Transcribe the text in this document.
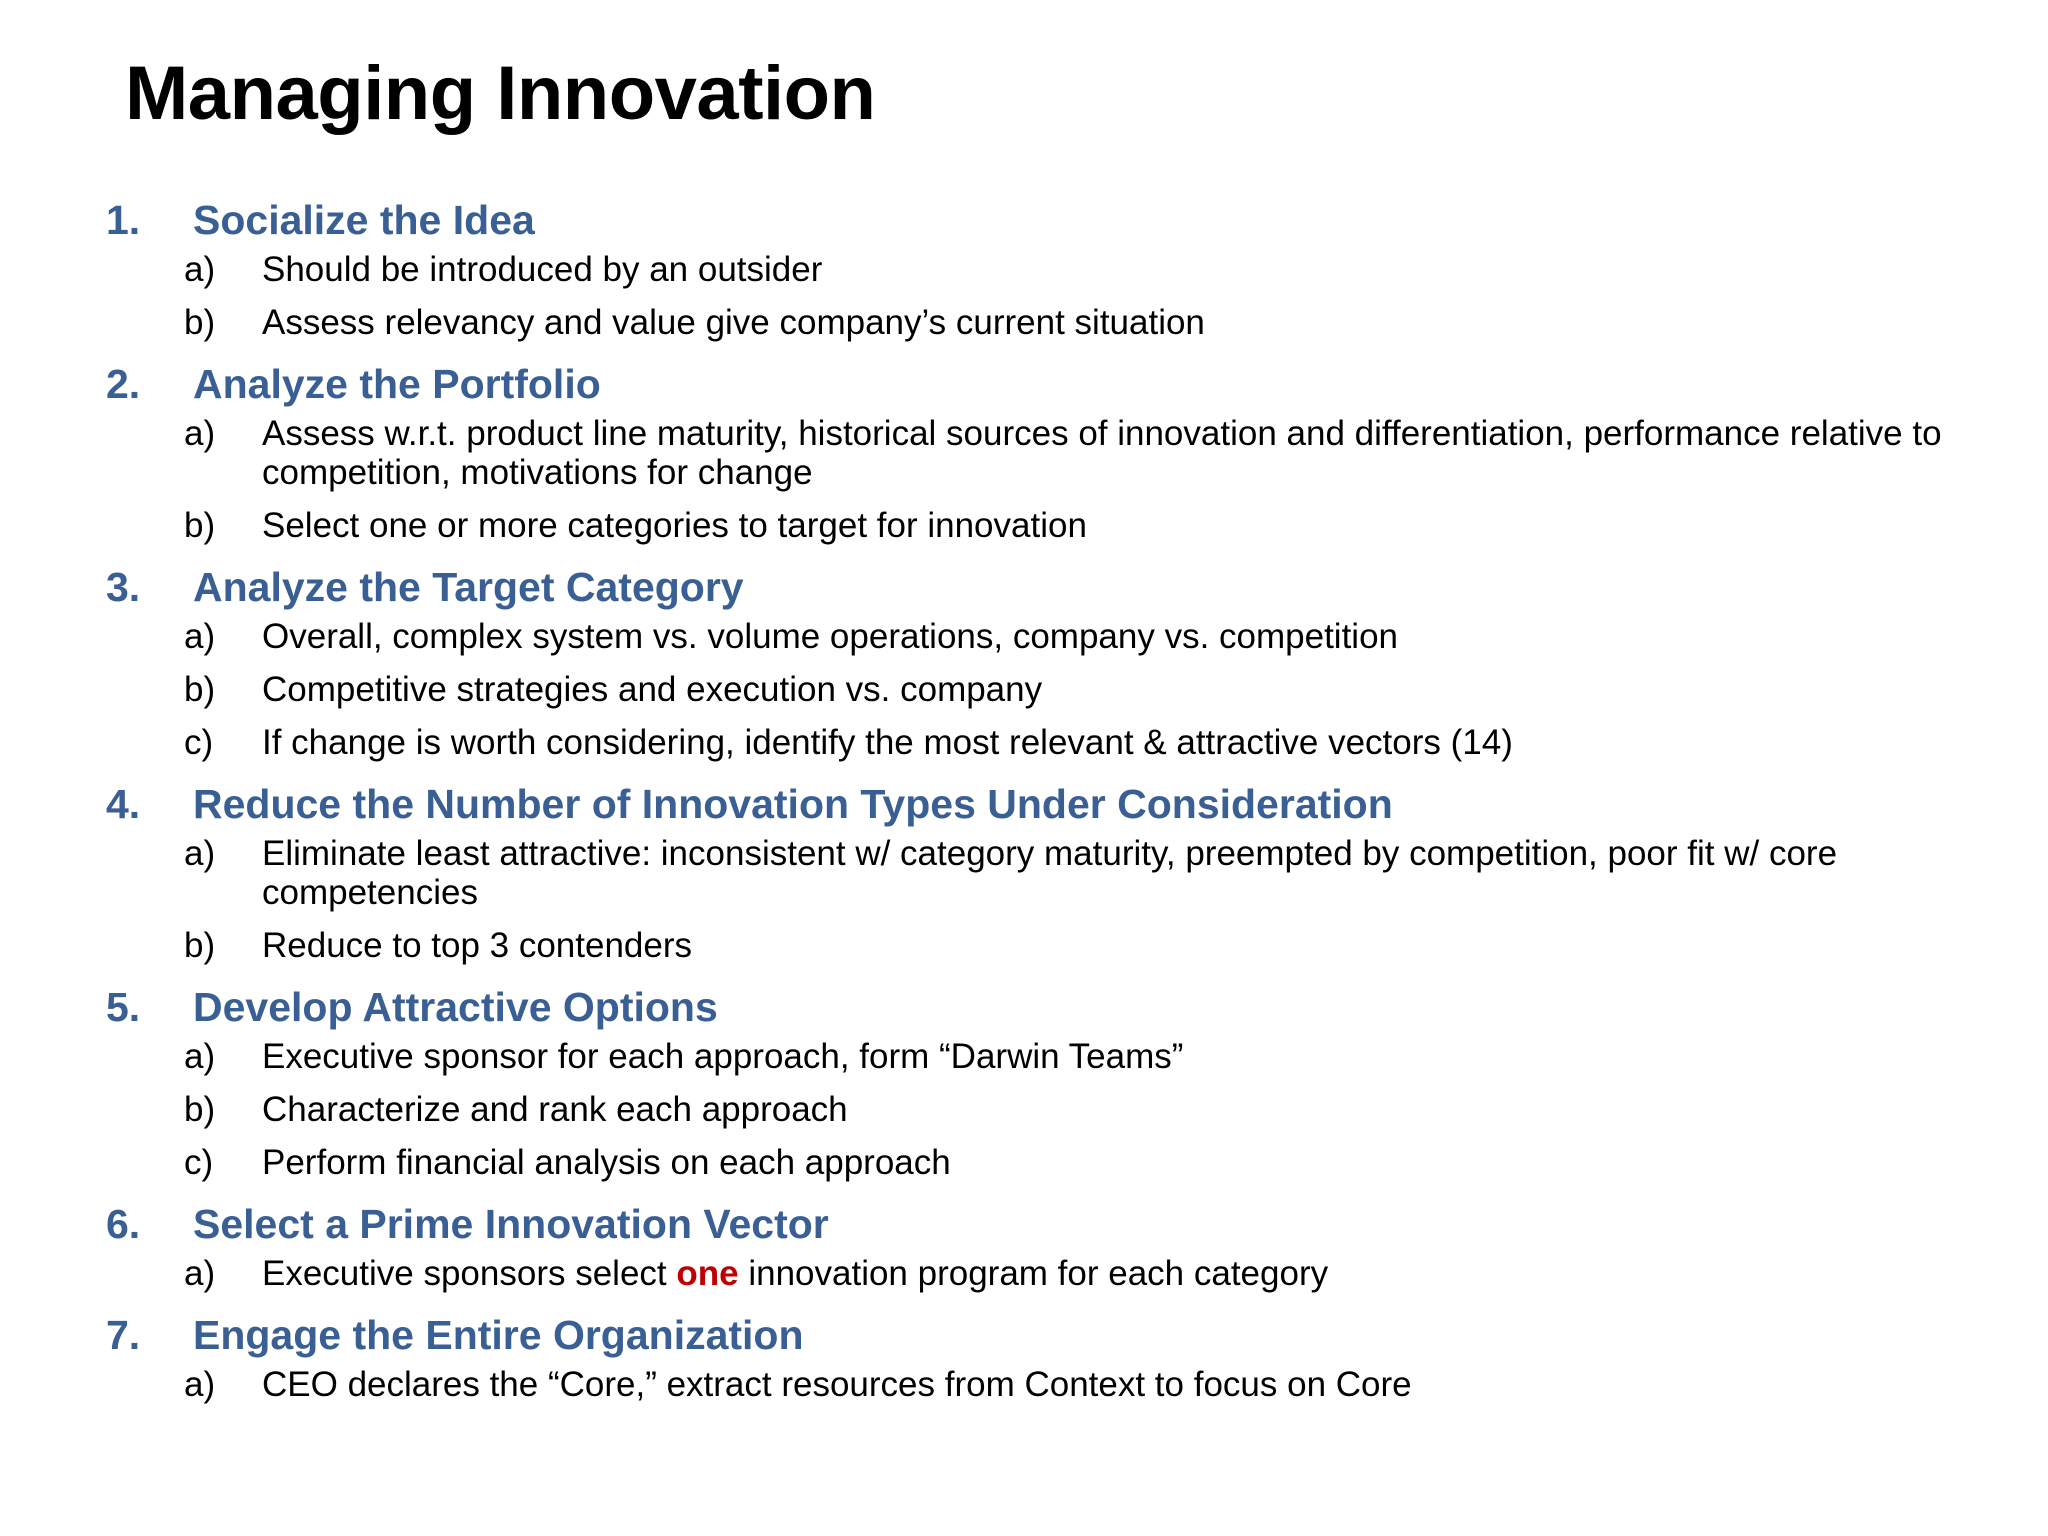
Managing Innovation
1.	Socialize the Idea
a)	Should be introduced by an outsider
b)	Assess relevancy and value give company’s current situation
2.	Analyze the Portfolio
a)	Assess w.r.t. product line maturity, historical sources of innovation and differentiation, performance relative to competition, motivations for change
b)	Select one or more categories to target for innovation
3.	Analyze the Target Category
a)	Overall, complex system vs. volume operations, company vs. competition
b)	Competitive strategies and execution vs. company
c)	If change is worth considering, identify the most relevant & attractive vectors (14)
4.	Reduce the Number of Innovation Types Under Consideration
a)	Eliminate least attractive: inconsistent w/ category maturity, preempted by competition, poor fit w/ core competencies
b)	Reduce to top 3 contenders
5.	Develop Attractive Options
a)	Executive sponsor for each approach, form “Darwin Teams”
b)	Characterize and rank each approach
c)	Perform financial analysis on each approach
6.	Select a Prime Innovation Vector
a)	Executive sponsors select one innovation program for each category
7.	Engage the Entire Organization
a)	CEO declares the “Core,” extract resources from Context to focus on Core
